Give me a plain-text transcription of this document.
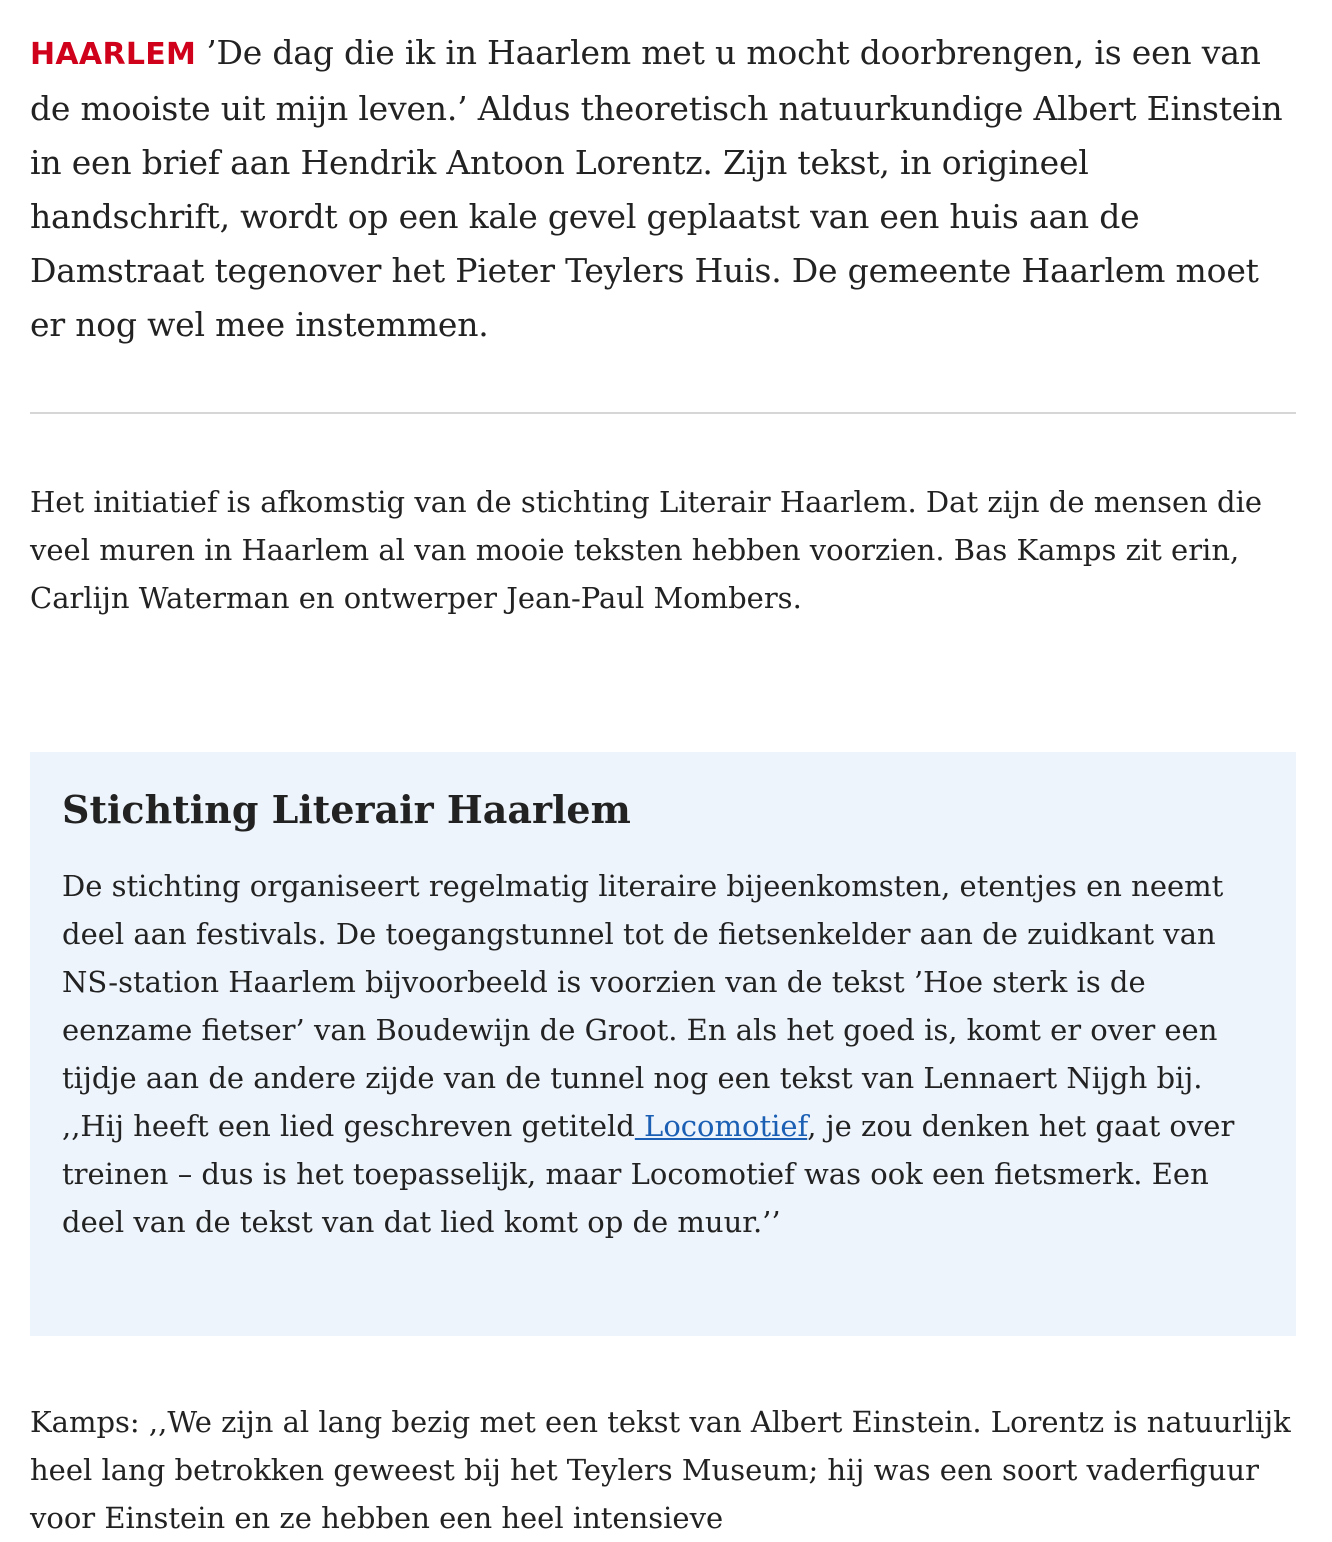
HAARLEM ’De dag die ik in Haarlem met u mocht doorbrengen, is een van de mooiste uit mijn leven.’ Aldus theoretisch natuurkundige Albert Einstein in een brief aan Hendrik Antoon Lorentz. Zijn tekst, in origineel handschrift, wordt op een kale gevel geplaatst van een huis aan de Damstraat tegenover het Pieter Teylers Huis. De gemeente Haarlem moet er nog wel mee instemmen.

Het initiatief is afkomstig van de stichting Literair Haarlem. Dat zijn de mensen die veel muren in Haarlem al van mooie teksten hebben voorzien. Bas Kamps zit erin, Carlijn Waterman en ontwerper Jean-Paul Mombers.

Stichting Literair Haarlem

De stichting organiseert regelmatig literaire bijeenkomsten, etentjes en neemt deel aan festivals. De toegangstunnel tot de fietsenkelder aan de zuidkant van NS-station Haarlem bijvoorbeeld is voorzien van de tekst ’Hoe sterk is de eenzame fietser’ van Boudewijn de Groot. En als het goed is, komt er over een tijdje aan de andere zijde van de tunnel nog een tekst van Lennaert Nijgh bij. ,,Hij heeft een lied geschreven getiteld Locomotief, je zou denken het gaat over treinen – dus is het toepasselijk, maar Locomotief was ook een fietsmerk. Een deel van de tekst van dat lied komt op de muur.’’

Kamps: ,,We zijn al lang bezig met een tekst van Albert Einstein. Lorentz is natuurlijk heel lang betrokken geweest bij het Teylers Museum; hij was een soort vaderfiguur voor Einstein en ze hebben een heel intensieve
